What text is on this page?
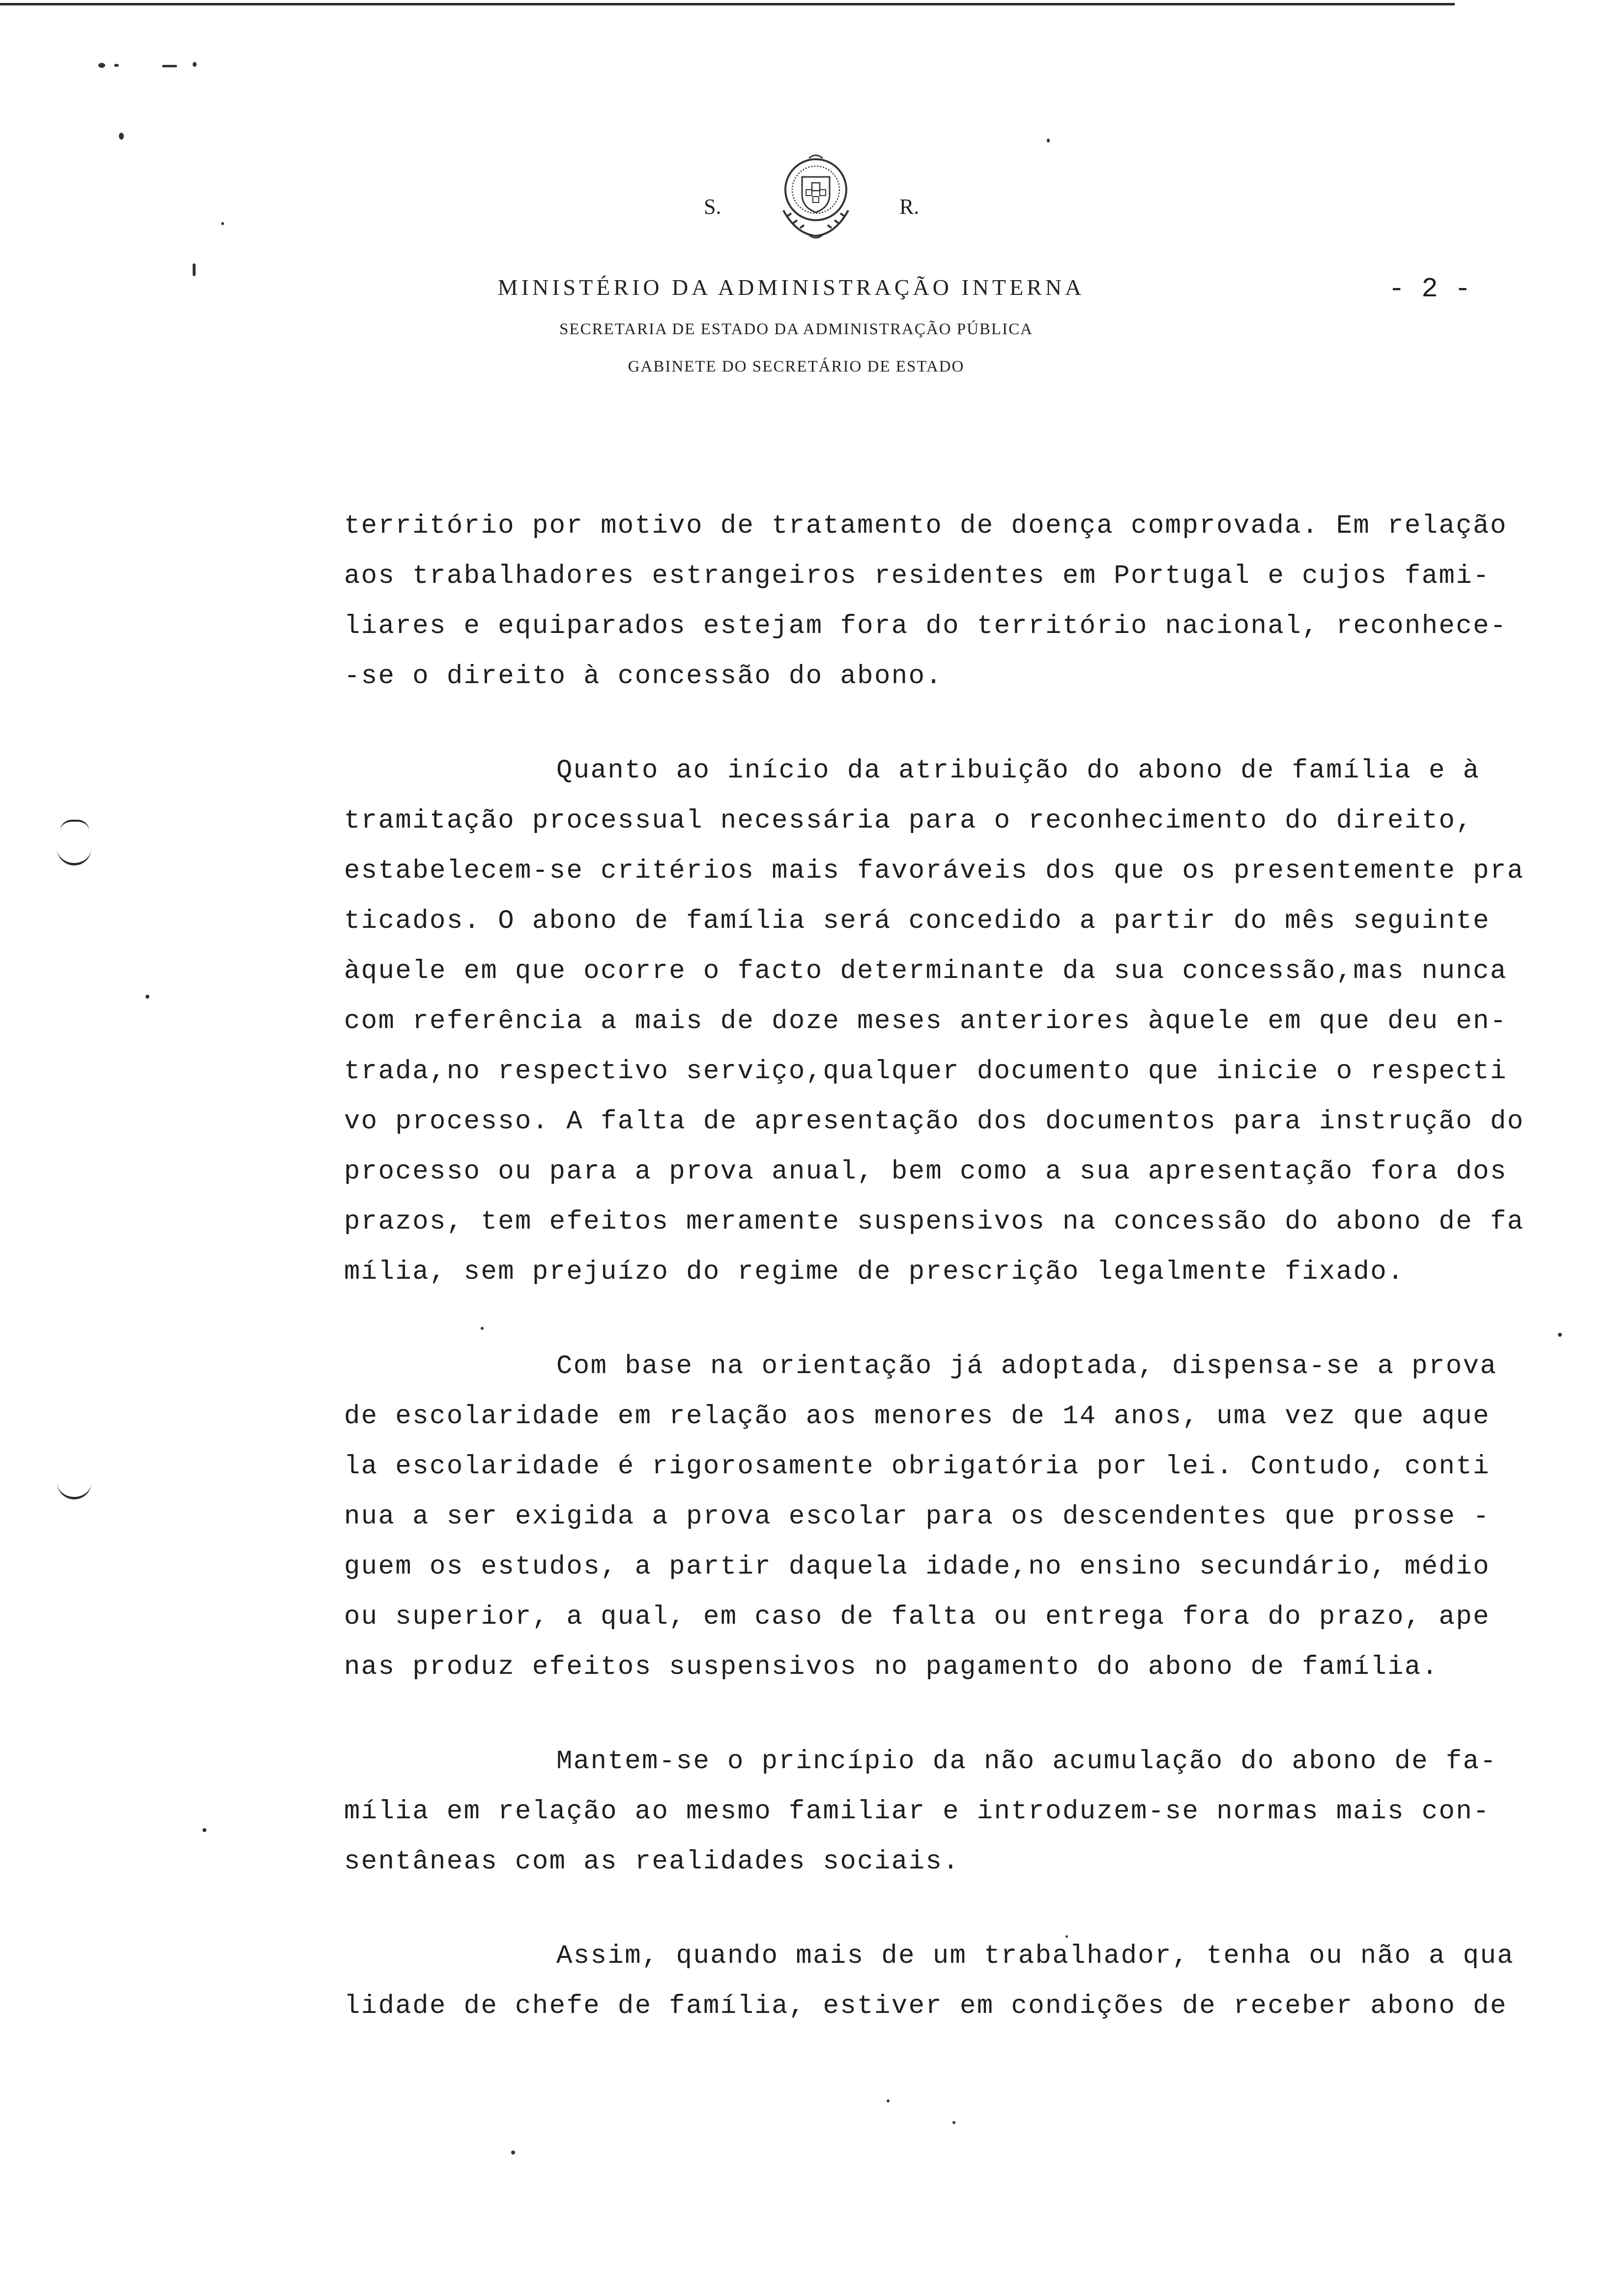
S.	R.
MINISTÉRIO DA ADMINISTRAÇÃO INTERNA
SECRETARIA DE ESTADO DA ADMINISTRAÇÃO PÚBLICA
GABINETE DO SECRETÁRIO DE ESTADO
- 2 -
território por motivo de tratamento de doença comprovada. Em relação
aos trabalhadores estrangeiros residentes em Portugal e cujos fami-
liares e equiparados estejam fora do território nacional, reconhece-
-se o direito à concessão do abono.
Quanto ao início da atribuição do abono de família e à
tramitação processual necessária para o reconhecimento do direito,
estabelecem-se critérios mais favoráveis dos que os presentemente pra
ticados. O abono de família será concedido a partir do mês seguinte
àquele em que ocorre o facto determinante da sua concessão,mas nunca
com referência a mais de doze meses anteriores àquele em que deu en-
trada,no respectivo serviço,qualquer documento que inicie o respecti
vo processo. A falta de apresentação dos documentos para instrução do
processo ou para a prova anual, bem como a sua apresentação fora dos
prazos, tem efeitos meramente suspensivos na concessão do abono de fa
mília, sem prejuízo do regime de prescrição legalmente fixado.
Com base na orientação já adoptada, dispensa-se a prova
de escolaridade em relação aos menores de 14 anos, uma vez que aque
la escolaridade é rigorosamente obrigatória por lei. Contudo, conti
nua a ser exigida a prova escolar para os descendentes que prosse -
guem os estudos, a partir daquela idade,no ensino secundário, médio
ou superior, a qual, em caso de falta ou entrega fora do prazo, ape
nas produz efeitos suspensivos no pagamento do abono de família.
Mantem-se o princípio da não acumulação do abono de fa-
mília em relação ao mesmo familiar e introduzem-se normas mais con-
sentâneas com as realidades sociais.
Assim, quando mais de um trabalhador, tenha ou não a qua
lidade de chefe de família, estiver em condições de receber abono de
